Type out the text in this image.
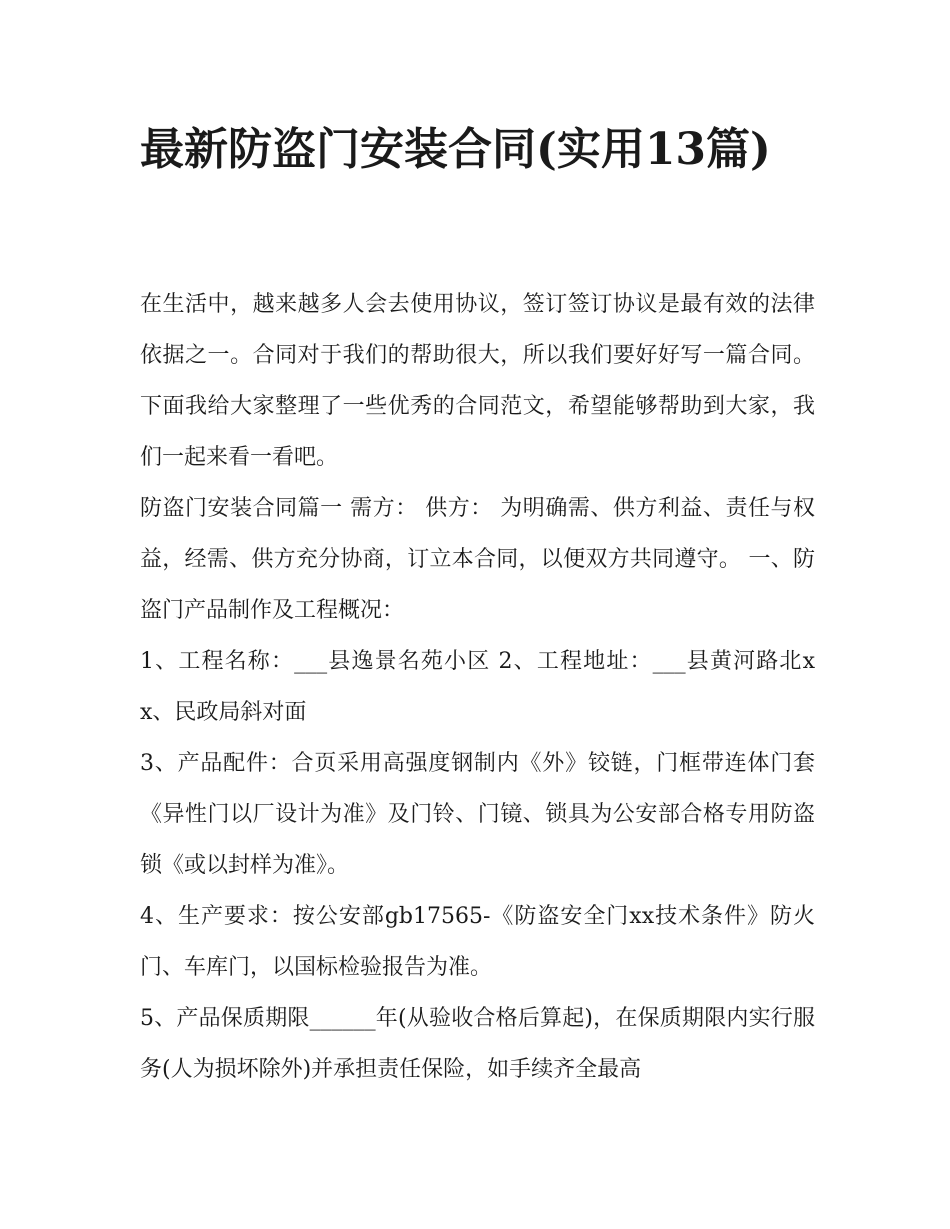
最新防盗门安装合同(实用13篇)

在生活中，越来越多人会去使用协议，签订签订协议是最有效的法律依据之一。合同对于我们的帮助很大，所以我们要好好写一篇合同。下面我给大家整理了一些优秀的合同范文，希望能够帮助到大家，我们一起来看一看吧。

防盗门安装合同篇一 需方： 供方： 为明确需、供方利益、责任与权益，经需、供方充分协商，订立本合同，以便双方共同遵守。 一、防盗门产品制作及工程概况：

1、工程名称：___县逸景名苑小区 2、工程地址：___县黄河路北xx、民政局斜对面

3、产品配件：合页采用高强度钢制内《外》铰链，门框带连体门套《异性门以厂设计为准》及门铃、门镜、锁具为公安部合格专用防盗锁《或以封样为准》。

4、生产要求：按公安部gb17565-《防盗安全门xx技术条件》防火门、车库门，以国标检验报告为准。

5、产品保质期限______年(从验收合格后算起)，在保质期限内实行服务(人为损坏除外)并承担责任保险，如手续齐全最高
